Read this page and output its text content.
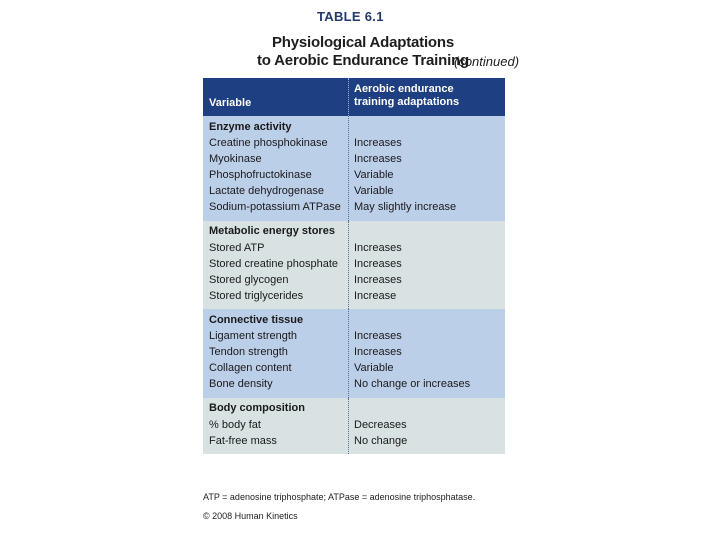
TABLE 6.1
Physiological Adaptations
to Aerobic Endurance Training
(continued)
Variable
Aerobic endurance
training adaptations
Enzyme activity
Creatine phosphokinase Increases
Myokinase	Increases
Phosphofructokinase	Variable
Lactate dehydrogenase	Variable
Sodium-potassium ATPase May slightly increase
Metabolic energy stores
Stored ATP	Increases
Stored creatine phosphate Increases
Stored glycogen	Increases
Stored triglycerides	Increase
Connective tissue
Ligament strength	Increases
Tendon strength	Increases
Collagen content	Variable
Bone density	No change or increases
Body composition
% body fat	Decreases
Fat-free mass	No change
ATP = adenosine triphosphate; ATPase = adenosine triphosphatase.
© 2008 Human Kinetics
